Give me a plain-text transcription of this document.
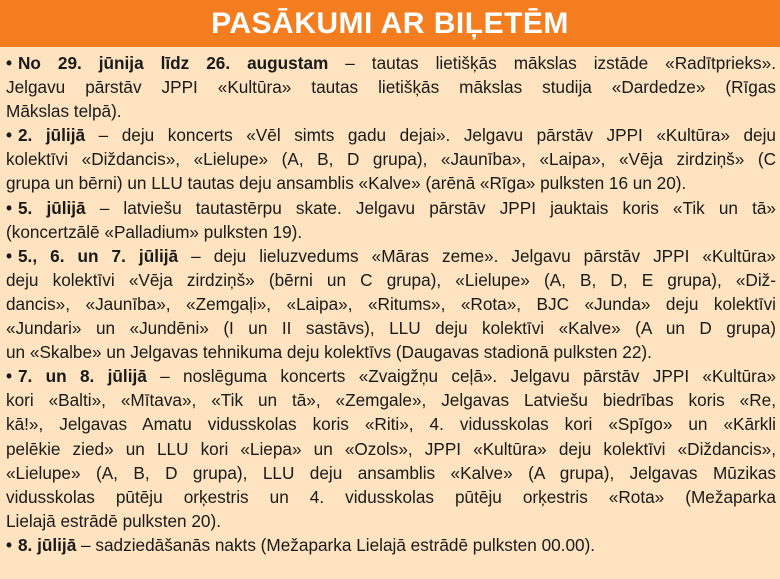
PASĀKUMI AR BIĻETĒM
• No 29. jūnija līdz 26. augustam – tautas lietišķās mākslas izstāde «Radītprieks».
Jelgavu pārstāv JPPI «Kultūra» tautas lietišķās mākslas studija «Dardedze» (Rīgas
Mākslas telpā).
• 2. jūlijā – deju koncerts «Vēl simts gadu dejai». Jelgavu pārstāv JPPI «Kultūra» deju
kolektīvi «Diždancis», «Lielupe» (A, B, D grupa), «Jaunība», «Laipa», «Vēja zirdziņš» (C
grupa un bērni) un LLU tautas deju ansamblis «Kalve» (arēnā «Rīga» pulksten 16 un 20).
• 5. jūlijā – latviešu tautastērpu skate. Jelgavu pārstāv JPPI jauktais koris «Tik un tā»
(koncertzālē «Palladium» pulksten 19).
• 5., 6. un 7. jūlijā – deju lieluzvedums «Māras zeme». Jelgavu pārstāv JPPI «Kultūra»
deju kolektīvi «Vēja zirdziņš» (bērni un C grupa), «Lielupe» (A, B, D, E grupa), «Diž-
dancis», «Jaunība», «Zemgaļi», «Laipa», «Ritums», «Rota», BJC «Junda» deju kolektīvi
«Jundari» un «Jundēni» (I un II sastāvs), LLU deju kolektīvi «Kalve» (A un D grupa)
un «Skalbe» un Jelgavas tehnikuma deju kolektīvs (Daugavas stadionā pulksten 22).
• 7. un 8. jūlijā – noslēguma koncerts «Zvaigžņu ceļā». Jelgavu pārstāv JPPI «Kultūra»
kori «Balti», «Mītava», «Tik un tā», «Zemgale», Jelgavas Latviešu biedrības koris «Re,
kā!», Jelgavas Amatu vidusskolas koris «Riti», 4. vidusskolas kori «Spīgo» un «Kārkli
pelēkie zied» un LLU kori «Liepa» un «Ozols», JPPI «Kultūra» deju kolektīvi «Diždancis»,
«Lielupe» (A, B, D grupa), LLU deju ansamblis «Kalve» (A grupa), Jelgavas Mūzikas
vidusskolas pūtēju orķestris un 4. vidusskolas pūtēju orķestris «Rota» (Mežaparka
Lielajā estrādē pulksten 20).
• 8. jūlijā – sadziedāšanās nakts (Mežaparka Lielajā estrādē pulksten 00.00).
